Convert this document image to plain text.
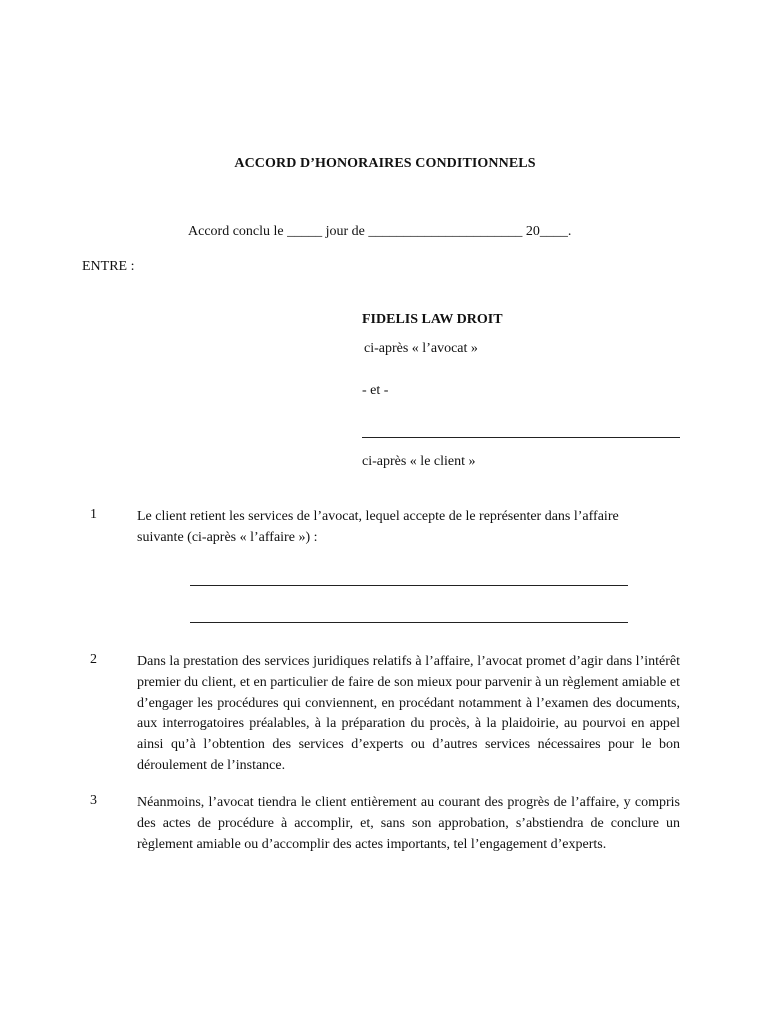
ACCORD D’HONORAIRES CONDITIONNELS
Accord conclu le _____ jour de ______________________ 20____.
ENTRE :
FIDELIS LAW DROIT
ci-après « l’avocat »
- et -
ci-après « le client »
1	Le client retient les services de l’avocat, lequel accepte de le représenter dans l’affaire suivante (ci-après « l’affaire ») :
2	Dans la prestation des services juridiques relatifs à l’affaire, l’avocat promet d’agir dans l’intérêt premier du client, et en particulier de faire de son mieux pour parvenir à un règlement amiable et d’engager les procédures qui conviennent, en procédant notamment à l’examen des documents, aux interrogatoires préalables, à la préparation du procès, à la plaidoirie, au pourvoi en appel ainsi qu’à l’obtention des services d’experts ou d’autres services nécessaires pour le bon déroulement de l’instance.
3	Néanmoins, l’avocat tiendra le client entièrement au courant des progrès de l’affaire, y compris des actes de procédure à accomplir, et, sans son approbation, s’abstiendra de conclure un règlement amiable ou d’accomplir des actes importants, tel l’engagement d’experts.
